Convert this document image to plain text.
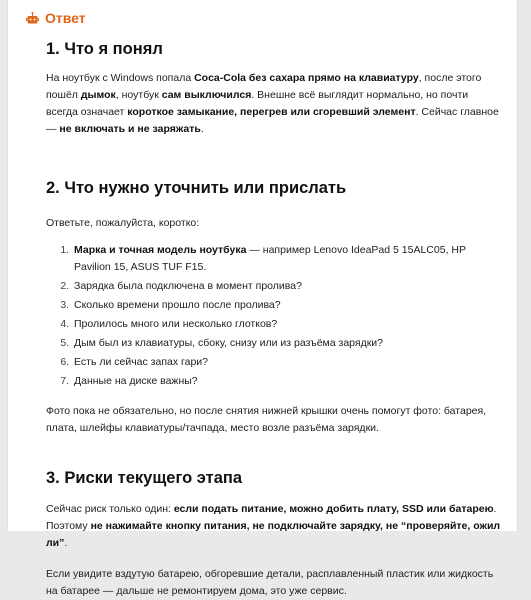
Ответ
1. Что я понял

На ноутбук с Windows попала Coca-Cola без сахара прямо на клавиатуру, после этого пошёл дымок, ноутбук сам выключился. Внешне всё выглядит нормально, но почти всегда означает короткое замыкание, перегрев или сгоревший элемент. Сейчас главное — не включать и не заряжать.

2. Что нужно уточнить или прислать

Ответьте, пожалуйста, коротко:

1. Марка и точная модель ноутбука — например Lenovo IdeaPad 5 15ALC05, HP Pavilion 15, ASUS TUF F15.
2. Зарядка была подключена в момент пролива?
3. Сколько времени прошло после пролива?
4. Пролилось много или несколько глотков?
5. Дым был из клавиатуры, сбоку, снизу или из разъёма зарядки?
6. Есть ли сейчас запах гари?
7. Данные на диске важны?

Фото пока не обязательно, но после снятия нижней крышки очень помогут фото: батарея, плата, шлейфы клавиатуры/тачпада, место возле разъёма зарядки.

3. Риски текущего этапа

Сейчас риск только один: если подать питание, можно добить плату, SSD или батарею. Поэтому не нажимайте кнопку питания, не подключайте зарядку, не “проверяйте, ожил ли”.

Если увидите вздутую батарею, обгоревшие детали, расплавленный пластик или жидкость на батарее — дальше не ремонтируем дома, это уже сервис.
